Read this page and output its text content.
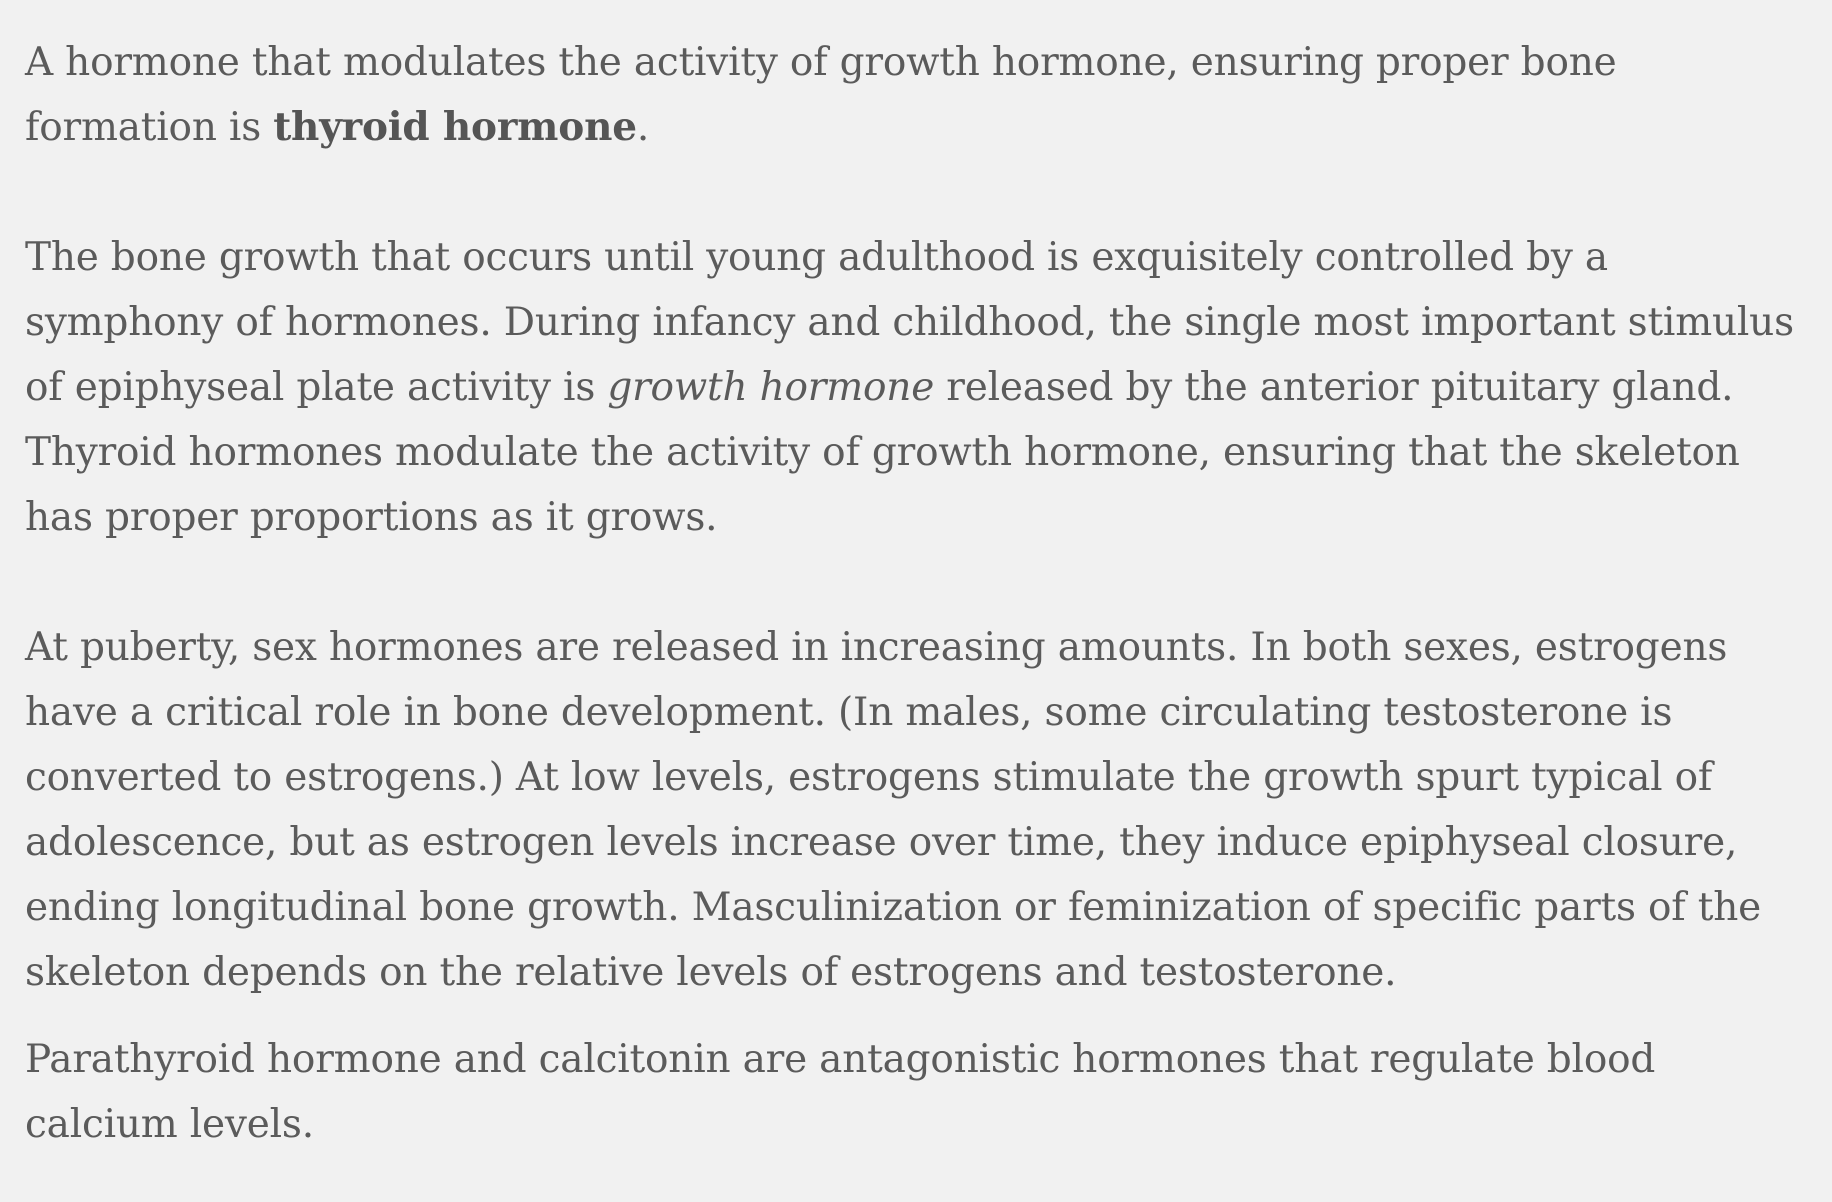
A hormone that modulates the activity of growth hormone, ensuring proper bone formation is thyroid hormone.

The bone growth that occurs until young adulthood is exquisitely controlled by a symphony of hormones. During infancy and childhood, the single most important stimulus of epiphyseal plate activity is growth hormone released by the anterior pituitary gland. Thyroid hormones modulate the activity of growth hormone, ensuring that the skeleton has proper proportions as it grows.

At puberty, sex hormones are released in increasing amounts. In both sexes, estrogens have a critical role in bone development. (In males, some circulating testosterone is converted to estrogens.) At low levels, estrogens stimulate the growth spurt typical of adolescence, but as estrogen levels increase over time, they induce epiphyseal closure, ending longitudinal bone growth. Masculinization or feminization of specific parts of the skeleton depends on the relative levels of estrogens and testosterone.

Parathyroid hormone and calcitonin are antagonistic hormones that regulate blood calcium levels.
